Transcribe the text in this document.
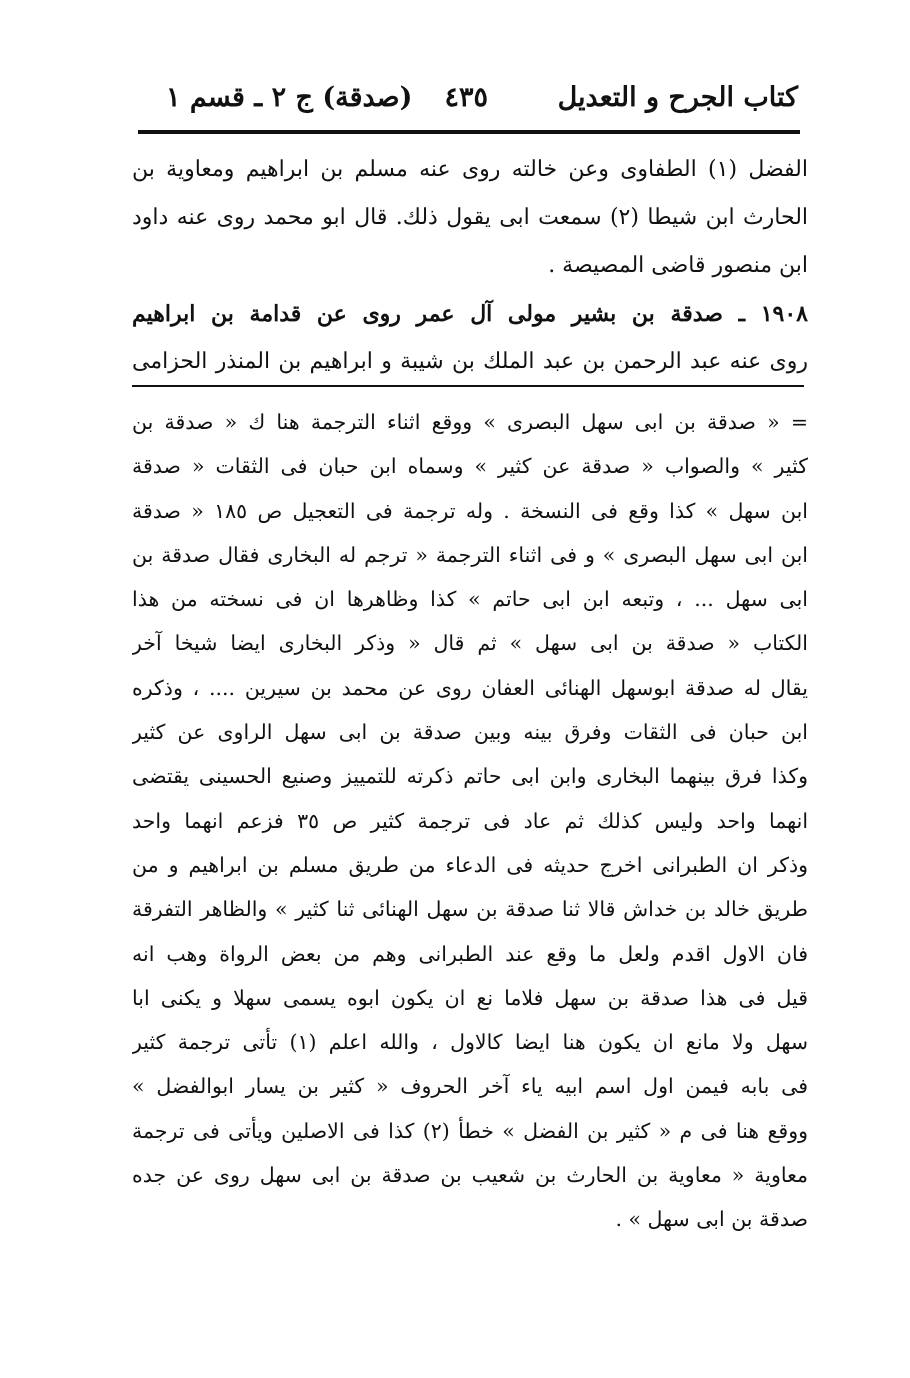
كتاب الجرح و التعديل
٤٣٥
(صدقة) ج ٢ ـ قسم ١
الفضل (١) الطفاوى وعن خالته روى عنه مسلم بن ابراهيم ومعاوية بن
الحارث ابن شيطا (٢) سمعت ابى يقول ذلك. قال ابو محمد روى عنه داود
ابن منصور قاضى المصيصة .
١٩٠٨ ـ صدقة بن بشير مولى آل عمر روى عن قدامة بن ابراهيم
روى عنه عبد الرحمن بن عبد الملك بن شيبة و ابراهيم بن المنذر الحزامى
= « صدقة بن ابى سهل البصرى » ووقع اثناء الترجمة هنا ك « صدقة بن
كثير » والصواب « صدقة عن كثير » وسماه ابن حبان فى الثقات « صدقة
ابن سهل » كذا وقع فى النسخة . وله ترجمة فى التعجيل ص ١٨٥ « صدقة
ابن ابى سهل البصرى » و فى اثناء الترجمة « ترجم له البخارى فقال صدقة بن
ابى سهل ... ، وتبعه ابن ابى حاتم » كذا وظاهرها ان فى نسخته من هذا
الكتاب « صدقة بن ابى سهل » ثم قال « وذكر البخارى ايضا شيخا آخر
يقال له صدقة ابوسهل الهنائى العفان روى عن محمد بن سيرين .... ، وذكره
ابن حبان فى الثقات وفرق بينه وبين صدقة بن ابى سهل الراوى عن كثير
وكذا فرق بينهما البخارى وابن ابى حاتم ذكرته للتمييز وصنيع الحسينى يقتضى
انهما واحد وليس كذلك ثم عاد فى ترجمة كثير ص ٣٥ فزعم انهما واحد
وذكر ان الطبرانى اخرج حديثه فى الدعاء من طريق مسلم بن ابراهيم و من
طريق خالد بن خداش قالا ثنا صدقة بن سهل الهنائى ثنا كثير » والظاهر التفرقة
فان الاول اقدم ولعل ما وقع عند الطبرانى وهم من بعض الرواة وهب انه
قيل فى هذا صدقة بن سهل فلاما نع ان يكون ابوه يسمى سهلا و يكنى ابا
سهل ولا مانع ان يكون هنا ايضا كالاول ، والله اعلم (١) تأتى ترجمة كثير
فى بابه فيمن اول اسم ابيه ياء آخر الحروف « كثير بن يسار ابوالفضل »
ووقع هنا فى م « كثير بن الفضل » خطأ (٢) كذا فى الاصلين ويأتى فى ترجمة
معاوية « معاوية بن الحارث بن شعيب بن صدقة بن ابى سهل روى عن جده
صدقة بن ابى سهل » .
